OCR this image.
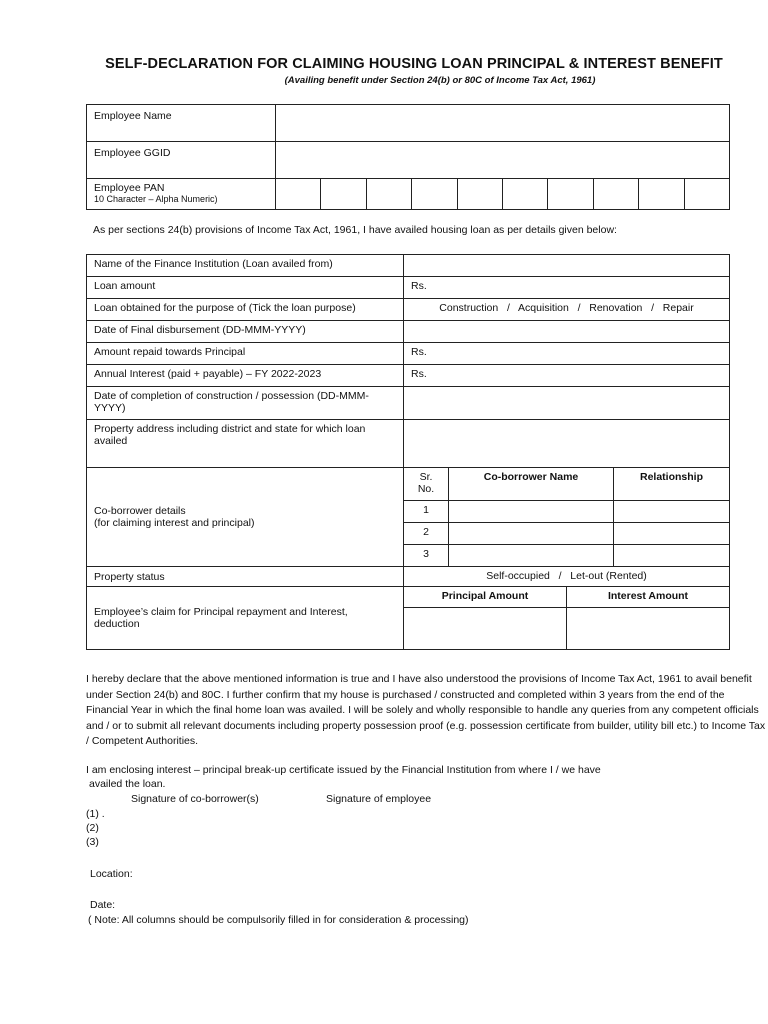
SELF-DECLARATION FOR CLAIMING HOUSING LOAN PRINCIPAL & INTEREST BENEFIT
(Availing benefit under Section 24(b) or 80C of Income Tax Act, 1961)
Employee Name										
Employee GGID										

Employee PAN
10 Character – Alpha Numeric)										

As per sections 24(b) provisions of Income Tax Act, 1961, I have availed housing loan as per details given below:
Name of the Finance Institution (Loan availed from)	
Loan amount	Rs.
Loan obtained for the purpose of (Tick the loan purpose)	Construction   /   Acquisition   /   Renovation   /   Repair
Date of Final disbursement (DD-MMM-YYYY)	
Amount repaid towards Principal	Rs.
Annual Interest (paid + payable) – FY 2022-2023	Rs.
Date of completion of construction / possession (DD-MMM-YYYY)	
Property address including district and state for which loan availed	

Co-borrower details
(for claiming interest and principal)

Sr. No.	Co-borrower Name	Relationship
1		
2		
3		

Property status	Self-occupied   /   Let-out (Rented)
Employee’s claim for Principal repayment and Interest, deduction	
Principal Amount	Interest Amount

I hereby declare that the above mentioned information is true and I have also understood the provisions of Income Tax Act, 1961 to avail benefit under Section 24(b) and 80C. I further confirm that my house is purchased / constructed and completed within 3 years from the end of the Financial Year in which the final home loan was availed. I will be solely and wholly responsible to handle any queries from any competent officials and / or to submit all relevant documents including property possession proof (e.g. possession certificate from builder, utility bill etc.) to Income Tax / Competent Authorities.
I am enclosing interest – principal break-up certificate issued by the Financial Institution from where I / we have
availed the loan.
Signature of co-borrower(s)	Signature of employee
(1) .
(2)
(3)
Location:
Date:
( Note: All columns should be compulsorily filled in for consideration & processing)
